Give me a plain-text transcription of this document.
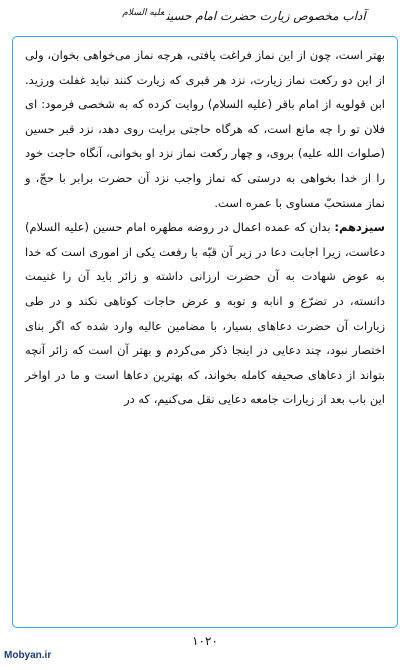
آداب مخصوص زيارت حضرت امام حسين$^{عليه السلام}$

بهتر است، چون از اين نماز فراغت يافتى، هرچه نماز مى‌خواهى بخوان، ولى از اين دو ركعت نماز زيارت، نزد هر قبرى كه زيارت كنند نبايد غفلت ورزيد. ابن قولويه از امام باقر (عليه السلام) روايت كرده كه به شخصى فرمود: اى فلان تو را چه مانع است، كه هرگاه حاجتى برايت روى دهد، نزد قبر حسين (صلوات الله عليه) بروى، و چهار ركعت نماز نزد او بخوانى، آنگاه حاجت خود را از خدا بخواهى به درستى كه نماز واجب نزد آن حضرت برابر با حجّ، و نماز مستحبّ مساوى با عمره است.

سيزدهم: بدان كه عمده اعمال در روضه مطهره امام حسين (عليه السلام) دعاست، زيرا اجابت دعا در زير آن قبّه با رفعت يكى از امورى است كه خدا به عوض شهادت به آن حضرت ارزانى داشته و زائر بايد آن را غنيمت دانسته، در تضرّع و انابه و توبه و عرض حاجات كوتاهى نكند و در طى زيارات آن حضرت دعاهاى بسيار، با مضامين عاليه وارد شده كه اگر بناى اختصار نبود، چند دعايى در اينجا ذكر مى‌كردم و بهتر آن است كه زائر آنچه بتواند از دعاهاى صحيفه كامله بخواند، كه بهترين دعاها است و ما در اواخر اين باب بعد از زيارات جامعه دعايى نقل مى‌كنيم، كه در

۱۰۲۰
Mobyan.ir
